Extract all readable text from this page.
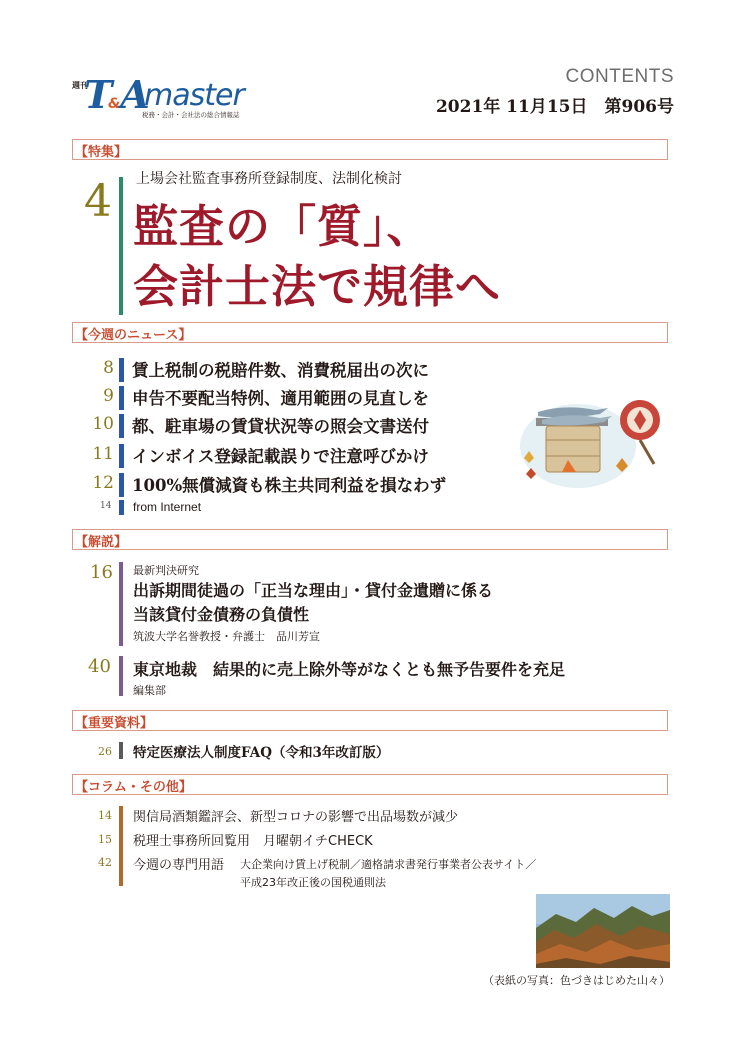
週刊
T A
& master
税務・会計・会社法の総合情報誌
CONTENTS
2021年 11月15日　第906号
【特集】
4 上場会社監査事務所登録制度、法制化検討
監査の「質」、
会計士法で規律へ
【今週のニュース】
8 賃上税制の税賠件数、消費税届出の次に
9 申告不要配当特例、適用範囲の見直しを
10 都、駐車場の賃貸状況等の照会文書送付
11 インボイス登録記載誤りで注意呼びかけ
12 100%無償減資も株主共同利益を損なわず
14 from Internet
【解説】
16 最新判決研究
出訴期間徒過の「正当な理由」・貸付金遺贈に係る
当該貸付金債務の負債性
筑波大学名誉教授・弁護士　品川芳宣
40 東京地裁　結果的に売上除外等がなくとも無予告要件を充足
編集部
【重要資料】
26 特定医療法人制度FAQ（令和3年改訂版）
【コラム・その他】
14
15
42
関信局酒類鑑評会、新型コロナの影響で出品場数が減少
税理士事務所回覧用　月曜朝イチCHECK
今週の専門用語 大企業向け賃上げ税制／適格請求書発行事業者公表サイト／
平成23年改正後の国税通則法
（表紙の写真：色づきはじめた山々）
